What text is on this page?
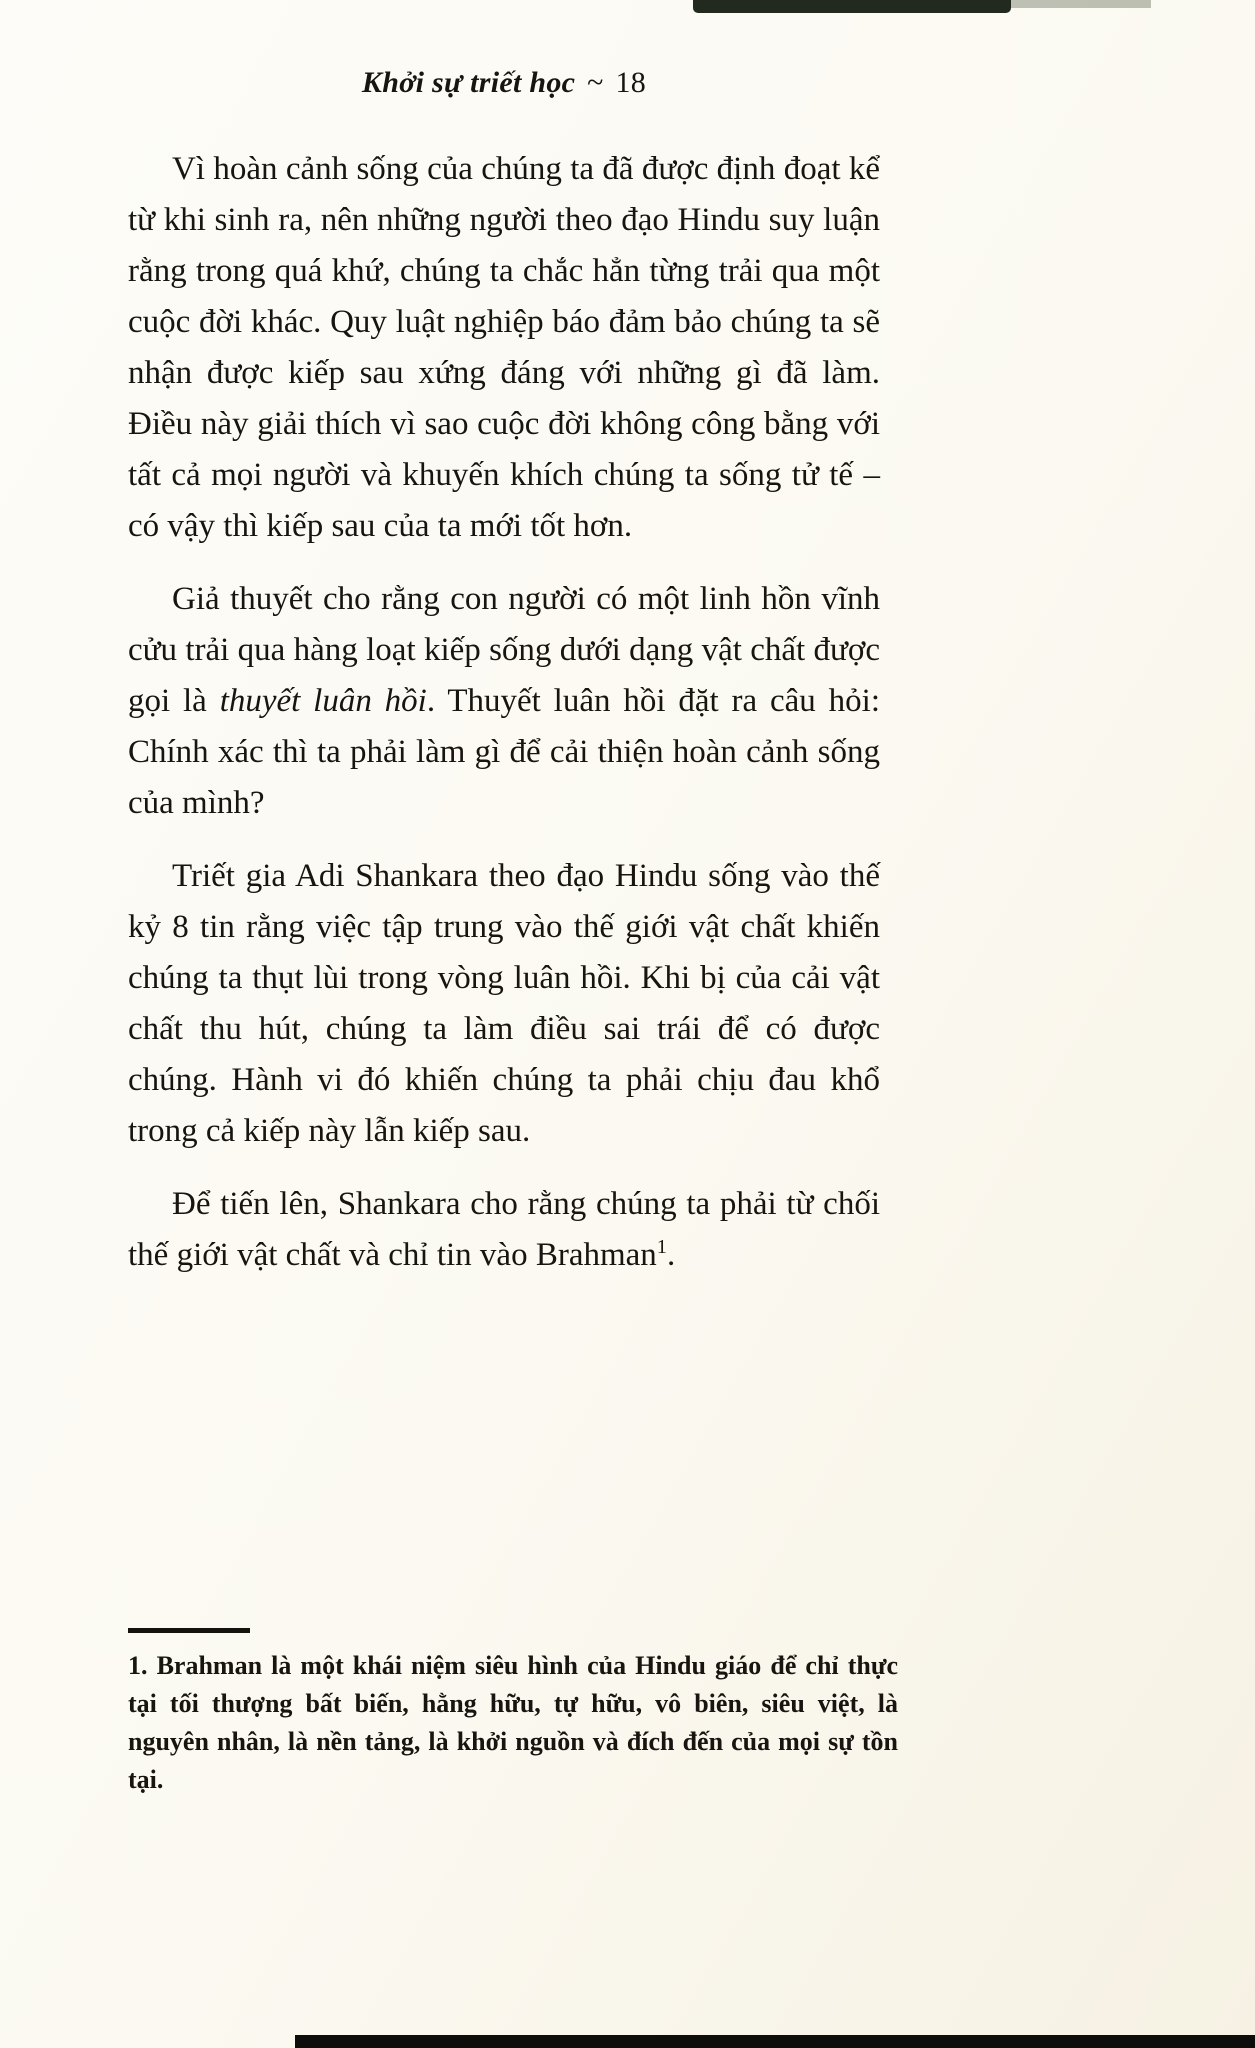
Khởi sự triết học ~ 18

Vì hoàn cảnh sống của chúng ta đã được định đoạt kể từ khi sinh ra, nên những người theo đạo Hindu suy luận rằng trong quá khứ, chúng ta chắc hẳn từng trải qua một cuộc đời khác. Quy luật nghiệp báo đảm bảo chúng ta sẽ nhận được kiếp sau xứng đáng với những gì đã làm. Điều này giải thích vì sao cuộc đời không công bằng với tất cả mọi người và khuyến khích chúng ta sống tử tế – có vậy thì kiếp sau của ta mới tốt hơn.

Giả thuyết cho rằng con người có một linh hồn vĩnh cửu trải qua hàng loạt kiếp sống dưới dạng vật chất được gọi là thuyết luân hồi. Thuyết luân hồi đặt ra câu hỏi: Chính xác thì ta phải làm gì để cải thiện hoàn cảnh sống của mình?

Triết gia Adi Shankara theo đạo Hindu sống vào thế kỷ 8 tin rằng việc tập trung vào thế giới vật chất khiến chúng ta thụt lùi trong vòng luân hồi. Khi bị của cải vật chất thu hút, chúng ta làm điều sai trái để có được chúng. Hành vi đó khiến chúng ta phải chịu đau khổ trong cả kiếp này lẫn kiếp sau.

Để tiến lên, Shankara cho rằng chúng ta phải từ chối thế giới vật chất và chỉ tin vào Brahman$^1$.

1. Brahman là một khái niệm siêu hình của Hindu giáo để chỉ thực tại tối thượng bất biến, hằng hữu, tự hữu, vô biên, siêu việt, là nguyên nhân, là nền tảng, là khởi nguồn và đích đến của mọi sự tồn tại.
